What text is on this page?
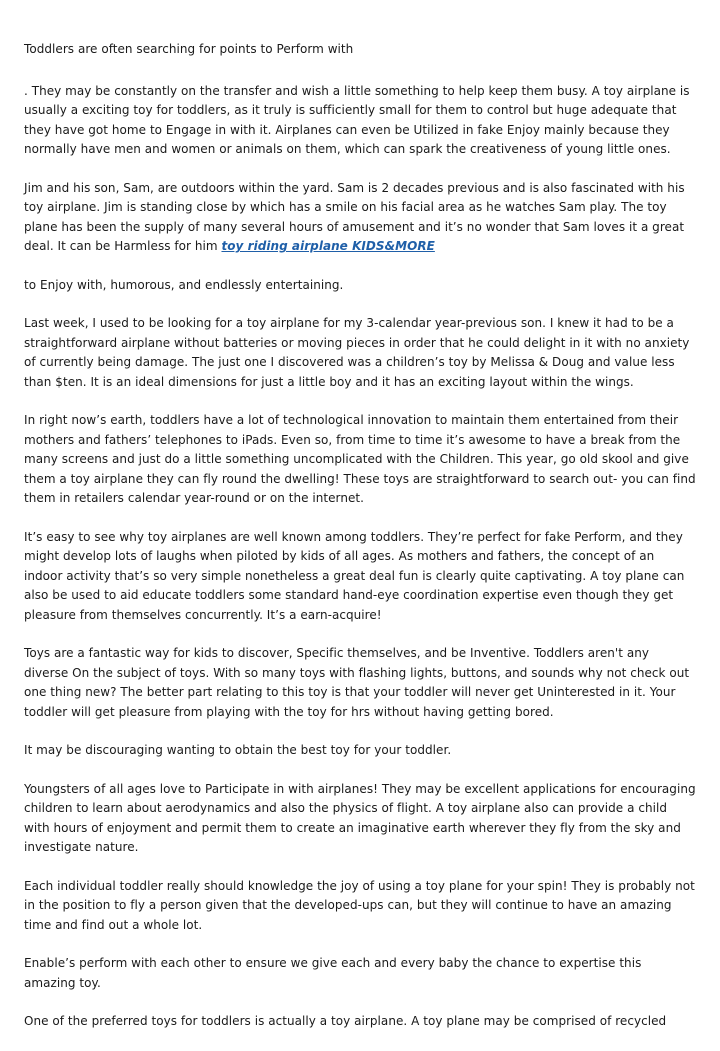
Toddlers are often searching for points to Perform with

. They may be constantly on the transfer and wish a little something to help keep them busy. A toy airplane is usually a exciting toy for toddlers, as it truly is sufficiently small for them to control but huge adequate that they have got home to Engage in with it. Airplanes can even be Utilized in fake Enjoy mainly because they normally have men and women or animals on them, which can spark the creativeness of young little ones.

Jim and his son, Sam, are outdoors within the yard. Sam is 2 decades previous and is also fascinated with his toy airplane. Jim is standing close by which has a smile on his facial area as he watches Sam play. The toy plane has been the supply of many several hours of amusement and it’s no wonder that Sam loves it a great deal. It can be Harmless for him toy riding airplane KIDS&MORE

to Enjoy with, humorous, and endlessly entertaining.

Last week, I used to be looking for a toy airplane for my 3-calendar year-previous son. I knew it had to be a straightforward airplane without batteries or moving pieces in order that he could delight in it with no anxiety of currently being damage. The just one I discovered was a children’s toy by Melissa & Doug and value less than $ten. It is an ideal dimensions for just a little boy and it has an exciting layout within the wings.

In right now’s earth, toddlers have a lot of technological innovation to maintain them entertained from their mothers and fathers’ telephones to iPads. Even so, from time to time it’s awesome to have a break from the many screens and just do a little something uncomplicated with the Children. This year, go old skool and give them a toy airplane they can fly round the dwelling! These toys are straightforward to search out- you can find them in retailers calendar year-round or on the internet.

It’s easy to see why toy airplanes are well known among toddlers. They’re perfect for fake Perform, and they might develop lots of laughs when piloted by kids of all ages. As mothers and fathers, the concept of an indoor activity that’s so very simple nonetheless a great deal fun is clearly quite captivating. A toy plane can also be used to aid educate toddlers some standard hand-eye coordination expertise even though they get pleasure from themselves concurrently. It’s a earn-acquire!

Toys are a fantastic way for kids to discover, Specific themselves, and be Inventive. Toddlers aren't any diverse On the subject of toys. With so many toys with flashing lights, buttons, and sounds why not check out one thing new? The better part relating to this toy is that your toddler will never get Uninterested in it. Your toddler will get pleasure from playing with the toy for hrs without having getting bored.

It may be discouraging wanting to obtain the best toy for your toddler.

Youngsters of all ages love to Participate in with airplanes! They may be excellent applications for encouraging children to learn about aerodynamics and also the physics of flight. A toy airplane also can provide a child with hours of enjoyment and permit them to create an imaginative earth wherever they fly from the sky and investigate nature.

Each individual toddler really should knowledge the joy of using a toy plane for your spin! They is probably not in the position to fly a person given that the developed-ups can, but they will continue to have an amazing time and find out a whole lot.

Enable’s perform with each other to ensure we give each and every baby the chance to expertise this amazing toy.

One of the preferred toys for toddlers is actually a toy airplane. A toy plane may be comprised of recycled
